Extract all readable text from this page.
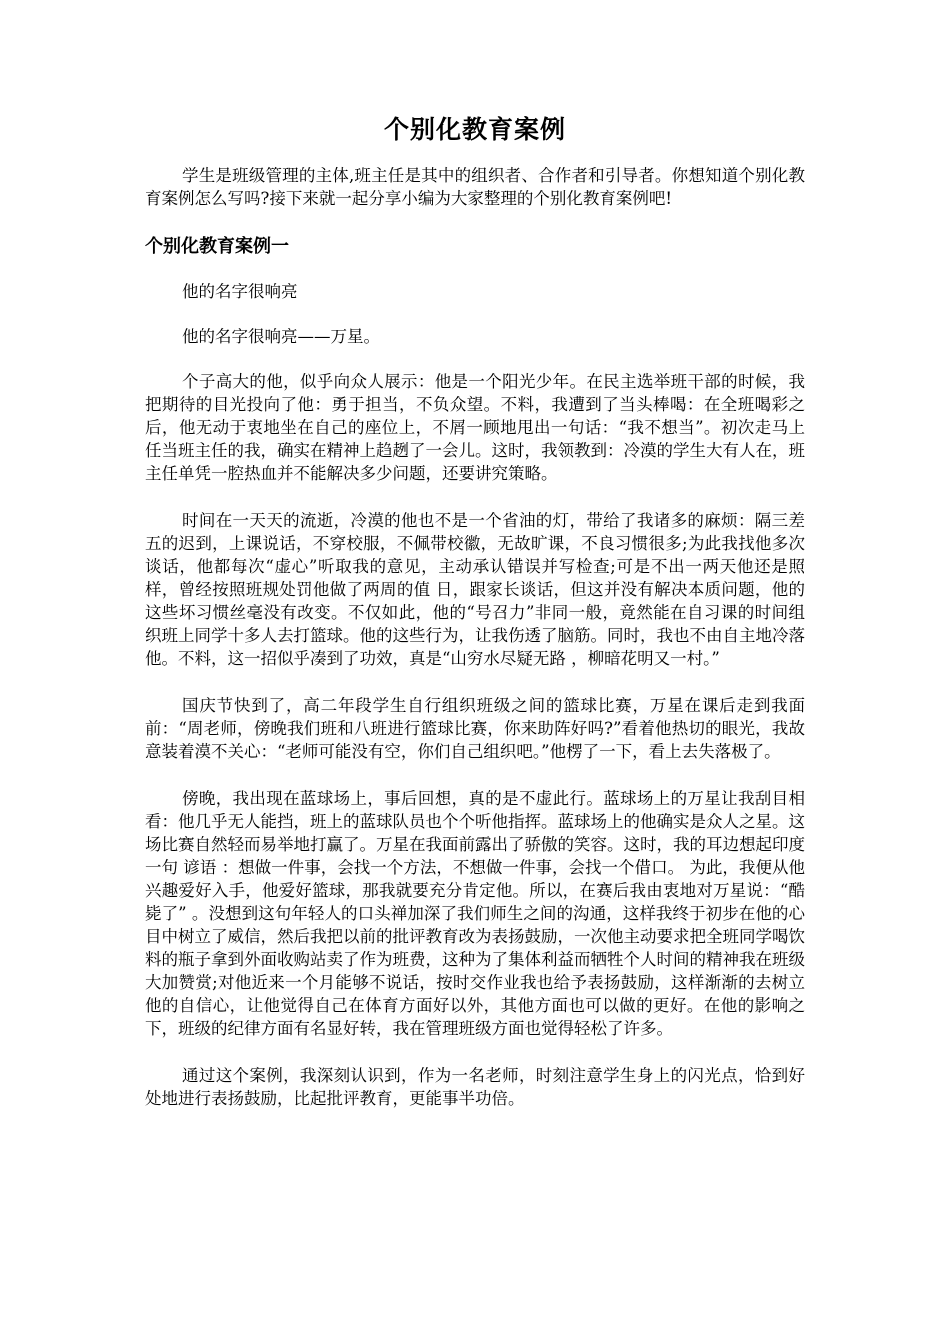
个别化教育案例

学生是班级管理的主体,班主任是其中的组织者、合作者和引导者。你想知道个别化教育案例怎么写吗?接下来就一起分享小编为大家整理的个别化教育案例吧!

个别化教育案例一

他的名字很响亮

他的名字很响亮——万星。

个子高大的他，似乎向众人展示：他是一个阳光少年。在民主选举班干部的时候，我把期待的目光投向了他：勇于担当，不负众望。不料，我遭到了当头棒喝：在全班喝彩之后，他无动于衷地坐在自己的座位上，不屑一顾地甩出一句话：“我不想当”。初次走马上任当班主任的我，确实在精神上趋趔了一会儿。这时，我领教到：冷漠的学生大有人在，班主任单凭一腔热血并不能解决多少问题，还要讲究策略。

时间在一天天的流逝，冷漠的他也不是一个省油的灯，带给了我诸多的麻烦：隔三差五的迟到，上课说话，不穿校服，不佩带校徽，无故旷课，不良习惯很多;为此我找他多次谈话，他都每次“虚心”听取我的意见，主动承认错误并写检查;可是不出一两天他还是照样，曾经按照班规处罚他做了两周的值 日，跟家长谈话，但这并没有解决本质问题，他的这些坏习惯丝毫没有改变。不仅如此，他的“号召力”非同一般，竟然能在自习课的时间组织班上同学十多人去打篮球。他的这些行为，让我伤透了脑筋。同时，我也不由自主地冷落他。不料，这一招似乎凑到了功效，真是“山穷水尽疑无路 ，柳暗花明又一村。”

国庆节快到了，高二年段学生自行组织班级之间的篮球比赛，万星在课后走到我面前：“周老师，傍晚我们班和八班进行篮球比赛，你来助阵好吗?”看着他热切的眼光，我故意装着漠不关心：“老师可能没有空，你们自己组织吧。”他楞了一下，看上去失落极了。

傍晚，我出现在蓝球场上，事后回想，真的是不虚此行。蓝球场上的万星让我刮目相看：他几乎无人能挡，班上的蓝球队员也个个听他指挥。蓝球场上的他确实是众人之星。这场比赛自然轻而易举地打赢了。万星在我面前露出了骄傲的笑容。这时，我的耳边想起印度一句 谚语 ：想做一件事，会找一个方法，不想做一件事，会找一个借口。 为此，我便从他兴趣爱好入手，他爱好篮球，那我就要充分肯定他。所以，在赛后我由衷地对万星说：“酷毙了” 。没想到这句年轻人的口头禅加深了我们师生之间的沟通，这样我终于初步在他的心目中树立了威信，然后我把以前的批评教育改为表扬鼓励，一次他主动要求把全班同学喝饮料的瓶子拿到外面收购站卖了作为班费，这种为了集体利益而牺牲个人时间的精神我在班级大加赞赏;对他近来一个月能够不说话，按时交作业我也给予表扬鼓励，这样渐渐的去树立他的自信心，让他觉得自己在体育方面好以外，其他方面也可以做的更好。在他的影响之下，班级的纪律方面有名显好转，我在管理班级方面也觉得轻松了许多。

通过这个案例，我深刻认识到，作为一名老师，时刻注意学生身上的闪光点，恰到好处地进行表扬鼓励，比起批评教育，更能事半功倍。
